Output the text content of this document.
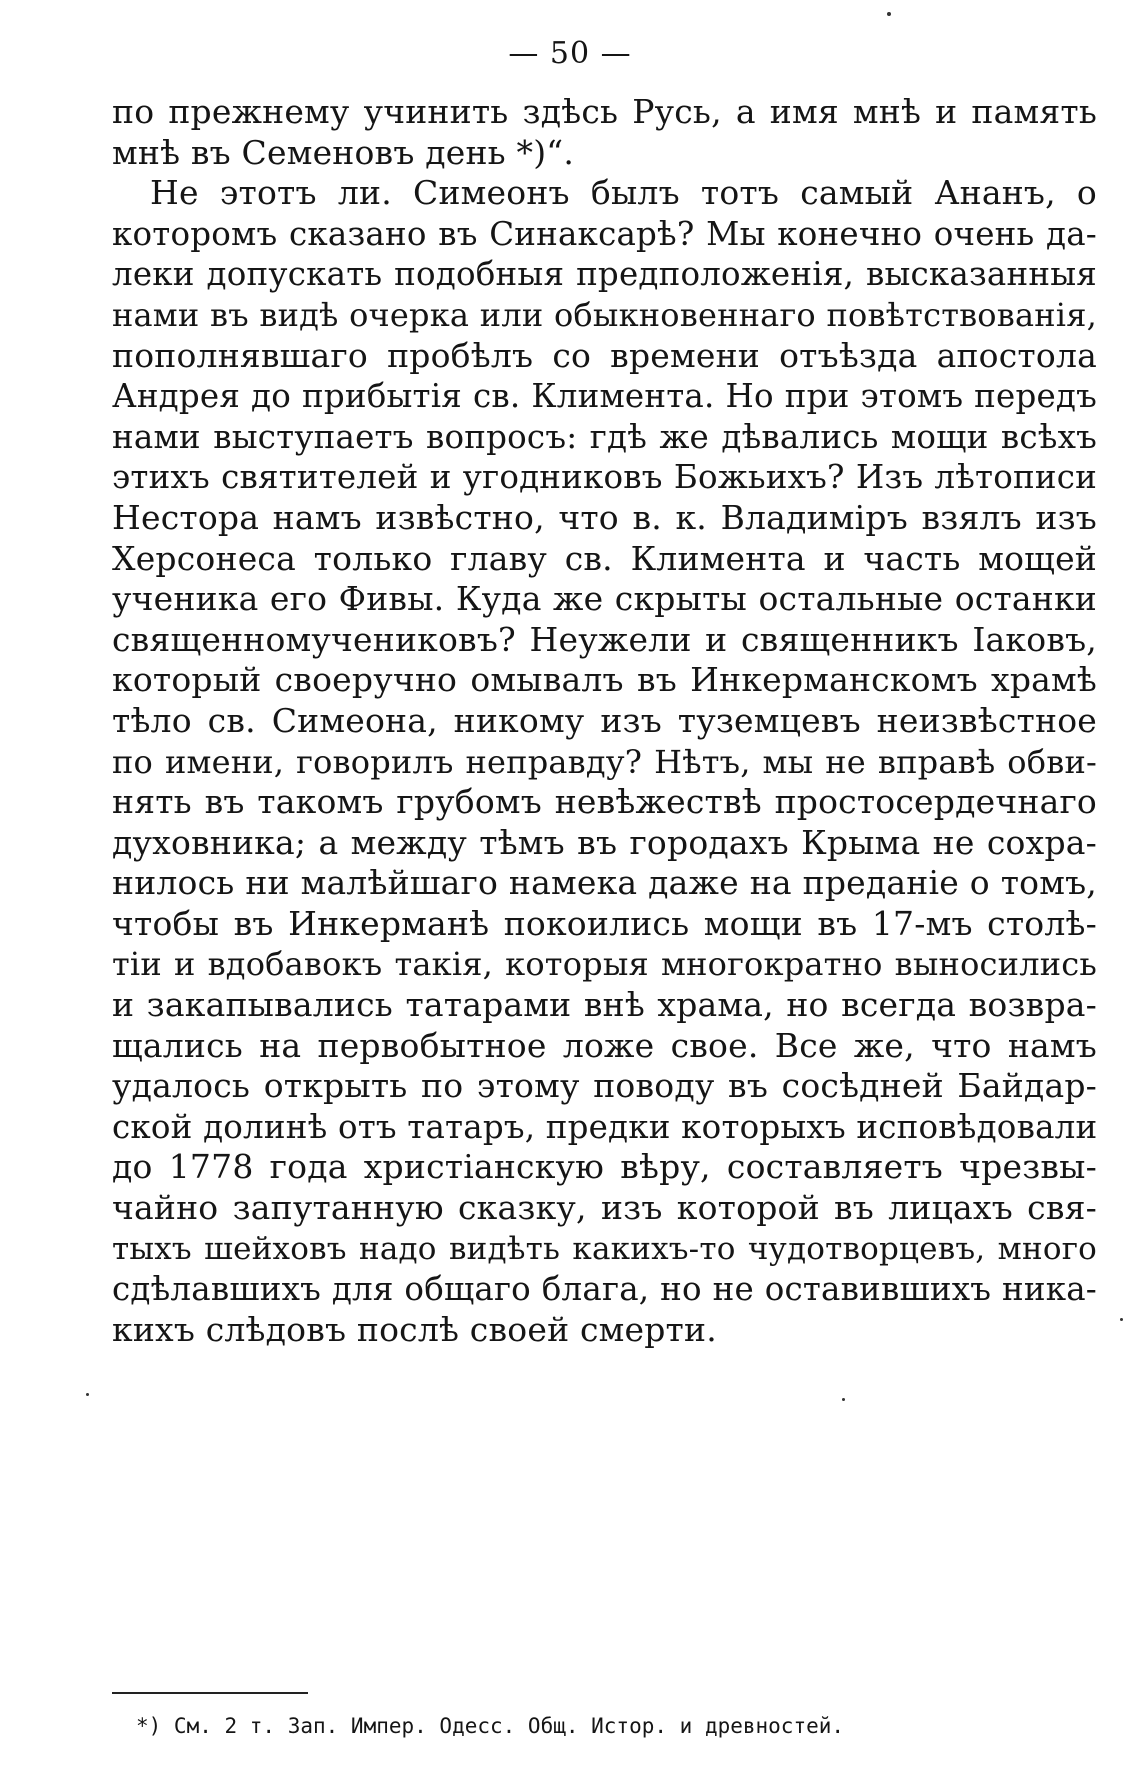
— 50 —
по прежнему учинить здѣсь Русь, а имя мнѣ и память
мнѣ въ Семеновъ день *)“.
Не этотъ ли. Симеонъ былъ тотъ самый Ананъ, о
которомъ сказано въ Синаксарѣ? Мы конечно очень да-
леки допускать подобныя предположенія, высказанныя
нами въ видѣ очерка или обыкновеннаго повѣтствованія,
пополнявшаго пробѣлъ со времени отъѣзда апостола
Андрея до прибытія св. Климента. Но при этомъ передъ
нами выступаетъ вопросъ: гдѣ же дѣвались мощи всѣхъ
этихъ святителей и угодниковъ Божьихъ? Изъ лѣтописи
Нестора намъ извѣстно, что в. к. Владимiръ взялъ изъ
Херсонеса только главу св. Климента и часть мощей
ученика его Фивы. Куда же скрыты остальные останки
священномучениковъ? Неужели и священникъ Іаковъ,
который своеручно омывалъ въ Инкерманскомъ храмѣ
тѣло св. Симеона, никому изъ туземцевъ неизвѣстное
по имени, говорилъ неправду? Нѣтъ, мы не вправѣ обви-
нять въ такомъ грубомъ невѣжествѣ простосердечнаго
духовника; а между тѣмъ въ городахъ Крыма не сохра-
нилось ни малѣйшаго намека даже на преданіе о томъ,
чтобы въ Инкерманѣ покоились мощи въ 17-мъ столѣ-
тіи и вдобавокъ такія, которыя многократно выносились
и закапывались татарами внѣ храма, но всегда возвра-
щались на первобытное ложе свое. Все же, что намъ
удалось открыть по этому поводу въ сосѣдней Байдар-
ской долинѣ отъ татаръ, предки которыхъ исповѣдовали
до 1778 года христіанскую вѣру, составляетъ чрезвы-
чайно запутанную сказку, изъ которой въ лицахъ свя-
тыхъ шейховъ надо видѣть какихъ-то чудотворцевъ, много
сдѣлавшихъ для общаго блага, но не оставившихъ ника-
кихъ слѣдовъ послѣ своей смерти.
*) См. 2 т. Зап. Импер. Одесс. Общ. Истор. и древностей.
